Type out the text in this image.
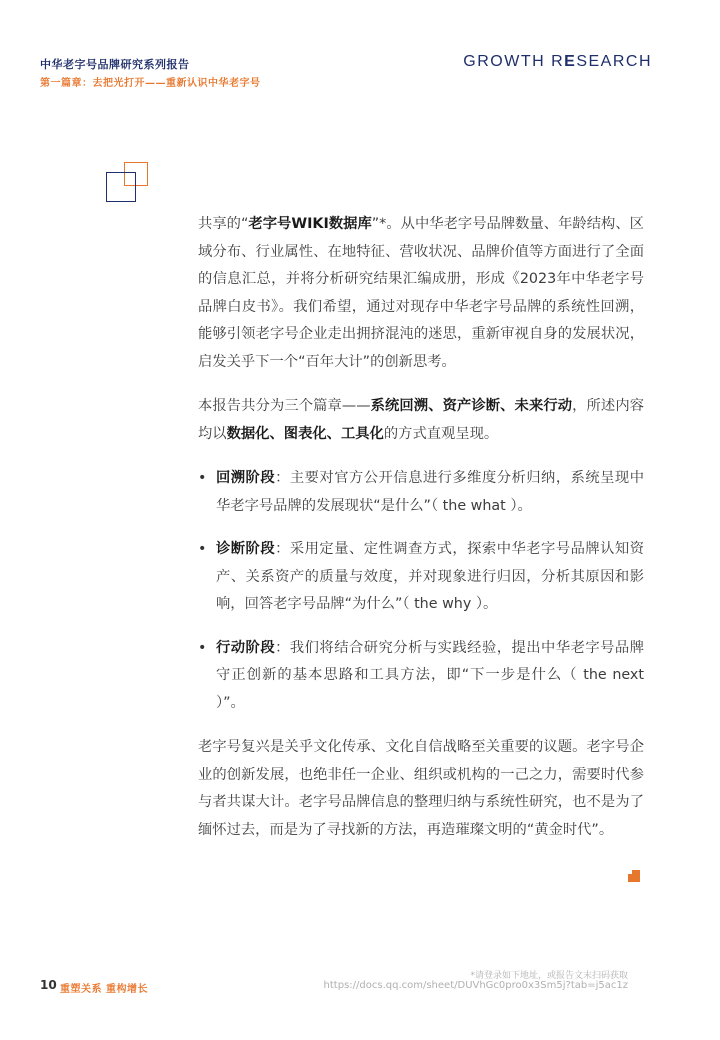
中华老字号品牌研究系列报告
第一篇章：去把光打开——重新认识中华老字号
GROWTH RESEARCH

共享的“老字号WIKI数据库”*。从中华老字号品牌数量、年龄结构、区域分布、行业属性、在地特征、营收状况、品牌价值等方面进行了全面的信息汇总，并将分析研究结果汇编成册，形成《2023年中华老字号品牌白皮书》。我们希望，通过对现存中华老字号品牌的系统性回溯，能够引领老字号企业走出拥挤混沌的迷思，重新审视自身的发展状况，启发关乎下一个“百年大计”的创新思考。

本报告共分为三个篇章——系统回溯、资产诊断、未来行动，所述内容均以数据化、图表化、工具化的方式直观呈现。

• 回溯阶段：主要对官方公开信息进行多维度分析归纳，系统呈现中华老字号品牌的发展现状“是什么”（ the what ）。
• 诊断阶段：采用定量、定性调查方式，探索中华老字号品牌认知资产、关系资产的质量与效度，并对现象进行归因，分析其原因和影响，回答老字号品牌“为什么”（ the why ）。
• 行动阶段：我们将结合研究分析与实践经验，提出中华老字号品牌守正创新的基本思路和工具方法，即“下一步是什么（ the next ）”。

老字号复兴是关乎文化传承、文化自信战略至关重要的议题。老字号企业的创新发展，也绝非任一企业、组织或机构的一己之力，需要时代参与者共谋大计。老字号品牌信息的整理归纳与系统性研究，也不是为了缅怀过去，而是为了寻找新的方法，再造璀璨文明的“黄金时代”。

10 重塑关系 重构增长
*请登录如下地址，或报告文末扫码获取
https://docs.qq.com/sheet/DUVhGc0pro0x3Sm5j?tab=j5ac1z
